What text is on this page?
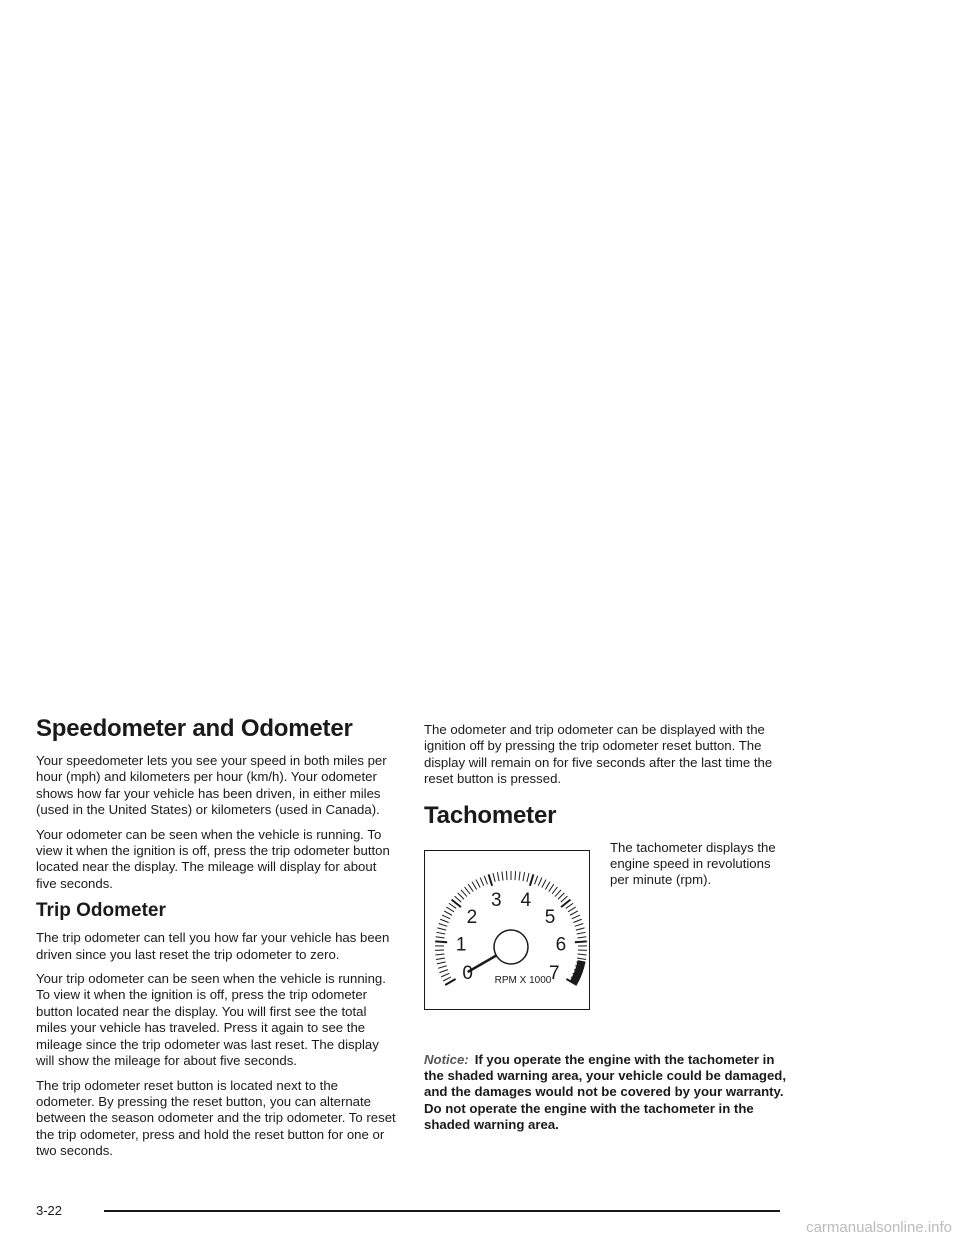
Speedometer and Odometer

Your speedometer lets you see your speed in both miles per hour (mph) and kilometers per hour (km/h). Your odometer shows how far your vehicle has been driven, in either miles (used in the United States) or kilometers (used in Canada).

Your odometer can be seen when the vehicle is running. To view it when the ignition is off, press the trip odometer button located near the display. The mileage will display for about five seconds.

Trip Odometer

The trip odometer can tell you how far your vehicle has been driven since you last reset the trip odometer to zero.

Your trip odometer can be seen when the vehicle is running. To view it when the ignition is off, press the trip odometer button located near the display. You will first see the total miles your vehicle has traveled. Press it again to see the mileage since the trip odometer was last reset. The display will show the mileage for about five seconds.

The trip odometer reset button is located next to the odometer. By pressing the reset button, you can alternate between the season odometer and the trip odometer. To reset the trip odometer, press and hold the reset button for one or two seconds.

The odometer and trip odometer can be displayed with the ignition off by pressing the trip odometer reset button. The display will remain on for five seconds after the last time the reset button is pressed.

Tachometer
0
1
2
3 4
5
6
7
RPM X 1000

The tachometer displays the engine speed in revolutions per minute (rpm).

Notice: If you operate the engine with the tachometer in the shaded warning area, your vehicle could be damaged, and the damages would not be covered by your warranty. Do not operate the engine with the tachometer in the shaded warning area.

3-22
carmanualsonline.info
